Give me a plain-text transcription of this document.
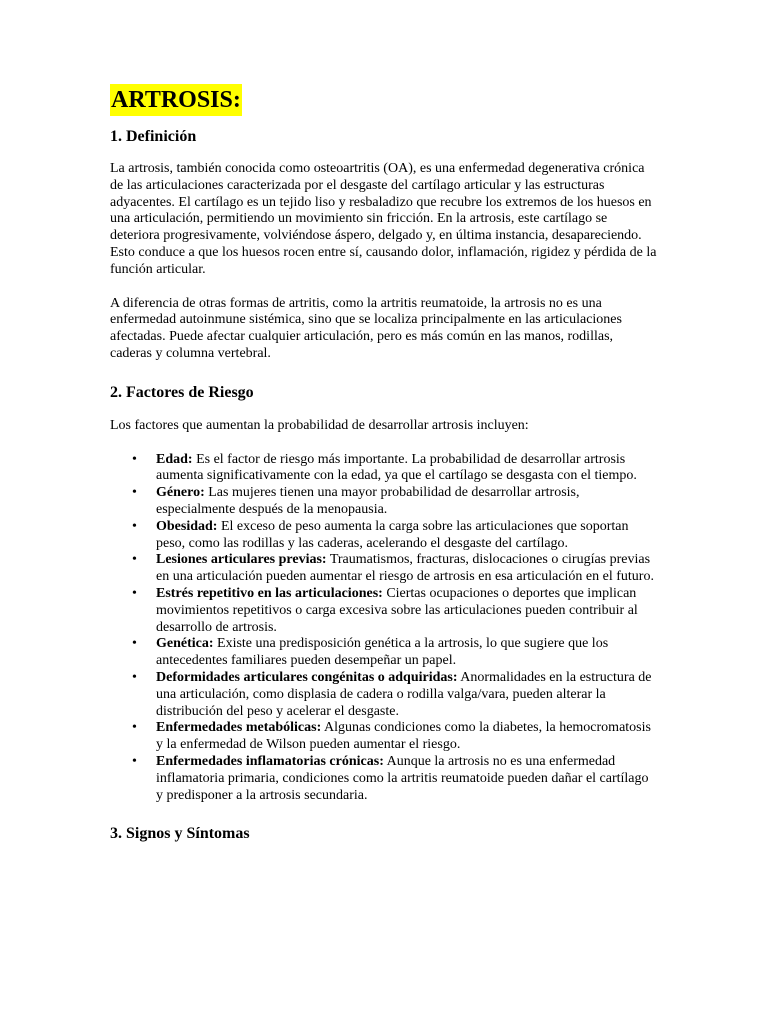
ARTROSIS:
1. Definición

La artrosis, también conocida como osteoartritis (OA), es una enfermedad degenerativa crónica de las articulaciones caracterizada por el desgaste del cartílago articular y las estructuras adyacentes. El cartílago es un tejido liso y resbaladizo que recubre los extremos de los huesos en una articulación, permitiendo un movimiento sin fricción. En la artrosis, este cartílago se deteriora progresivamente, volviéndose áspero, delgado y, en última instancia, desapareciendo. Esto conduce a que los huesos rocen entre sí, causando dolor, inflamación, rigidez y pérdida de la función articular.

A diferencia de otras formas de artritis, como la artritis reumatoide, la artrosis no es una enfermedad autoinmune sistémica, sino que se localiza principalmente en las articulaciones afectadas. Puede afectar cualquier articulación, pero es más común en las manos, rodillas, caderas y columna vertebral.

2. Factores de Riesgo

Los factores que aumentan la probabilidad de desarrollar artrosis incluyen:

• Edad: Es el factor de riesgo más importante. La probabilidad de desarrollar artrosis aumenta significativamente con la edad, ya que el cartílago se desgasta con el tiempo.
• Género: Las mujeres tienen una mayor probabilidad de desarrollar artrosis, especialmente después de la menopausia.
• Obesidad: El exceso de peso aumenta la carga sobre las articulaciones que soportan peso, como las rodillas y las caderas, acelerando el desgaste del cartílago.
• Lesiones articulares previas: Traumatismos, fracturas, dislocaciones o cirugías previas en una articulación pueden aumentar el riesgo de artrosis en esa articulación en el futuro.
• Estrés repetitivo en las articulaciones: Ciertas ocupaciones o deportes que implican movimientos repetitivos o carga excesiva sobre las articulaciones pueden contribuir al desarrollo de artrosis.
• Genética: Existe una predisposición genética a la artrosis, lo que sugiere que los antecedentes familiares pueden desempeñar un papel.
• Deformidades articulares congénitas o adquiridas: Anormalidades en la estructura de una articulación, como displasia de cadera o rodilla valga/vara, pueden alterar la distribución del peso y acelerar el desgaste.
• Enfermedades metabólicas: Algunas condiciones como la diabetes, la hemocromatosis y la enfermedad de Wilson pueden aumentar el riesgo.
• Enfermedades inflamatorias crónicas: Aunque la artrosis no es una enfermedad inflamatoria primaria, condiciones como la artritis reumatoide pueden dañar el cartílago y predisponer a la artrosis secundaria.
3. Signos y Síntomas
